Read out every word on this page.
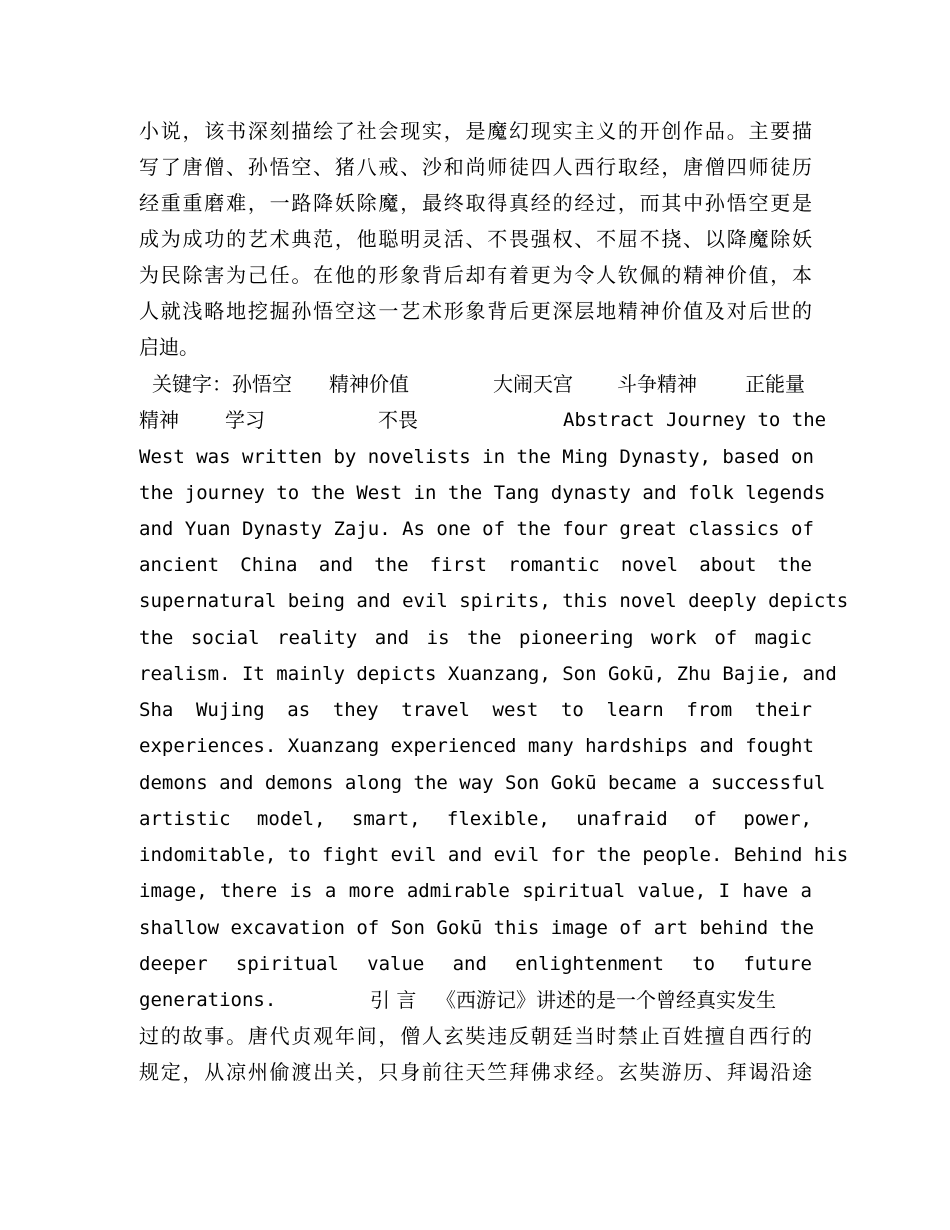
小说，该书深刻描绘了社会现实，是魔幻现实主义的开创作品。主要描
写了唐僧、孙悟空、猪八戒、沙和尚师徒四人西行取经，唐僧四师徒历
经重重磨难，一路降妖除魔，最终取得真经的经过，而其中孙悟空更是
成为成功的艺术典范，他聪明灵活、不畏强权、不屈不挠、以降魔除妖
为民除害为己任。在他的形象背后却有着更为令人钦佩的精神价值，本
人就浅略地挖掘孙悟空这一艺术形象背后更深层地精神价值及对后世的
启迪。
关键字：孙悟空 精神价值	大闹天宫 斗争精神 正能量
精神 学习	不畏	Abstract Journey to the
West was written by novelists in the Ming Dynasty, based on
the journey to the West in the Tang dynasty and folk legends
and Yuan Dynasty Zaju. As one of the four great classics of
ancient China and the first romantic novel about the
supernatural being and evil spirits, this novel deeply depicts
the social reality and is the pioneering work of magic
realism. It mainly depicts Xuanzang, Son Gokū, Zhu Bajie, and
Sha Wujing as they travel west to learn from their
experiences. Xuanzang experienced many hardships and fought
demons and demons along the way Son Gokū became a successful
artistic model, smart, flexible, unafraid of power,
indomitable, to fight evil and evil for the people. Behind his
image, there is a more admirable spiritual value, I have a
shallow excavation of Son Gokū this image of art behind the
deeper spiritual value and enlightenment to future
generations.	引 言 《西游记》讲述的是一个曾经真实发生
过的故事。唐代贞观年间，僧人玄奘违反朝廷当时禁止百姓擅自西行的
规定，从凉州偷渡出关，只身前往天竺拜佛求经。玄奘游历、拜谒沿途
